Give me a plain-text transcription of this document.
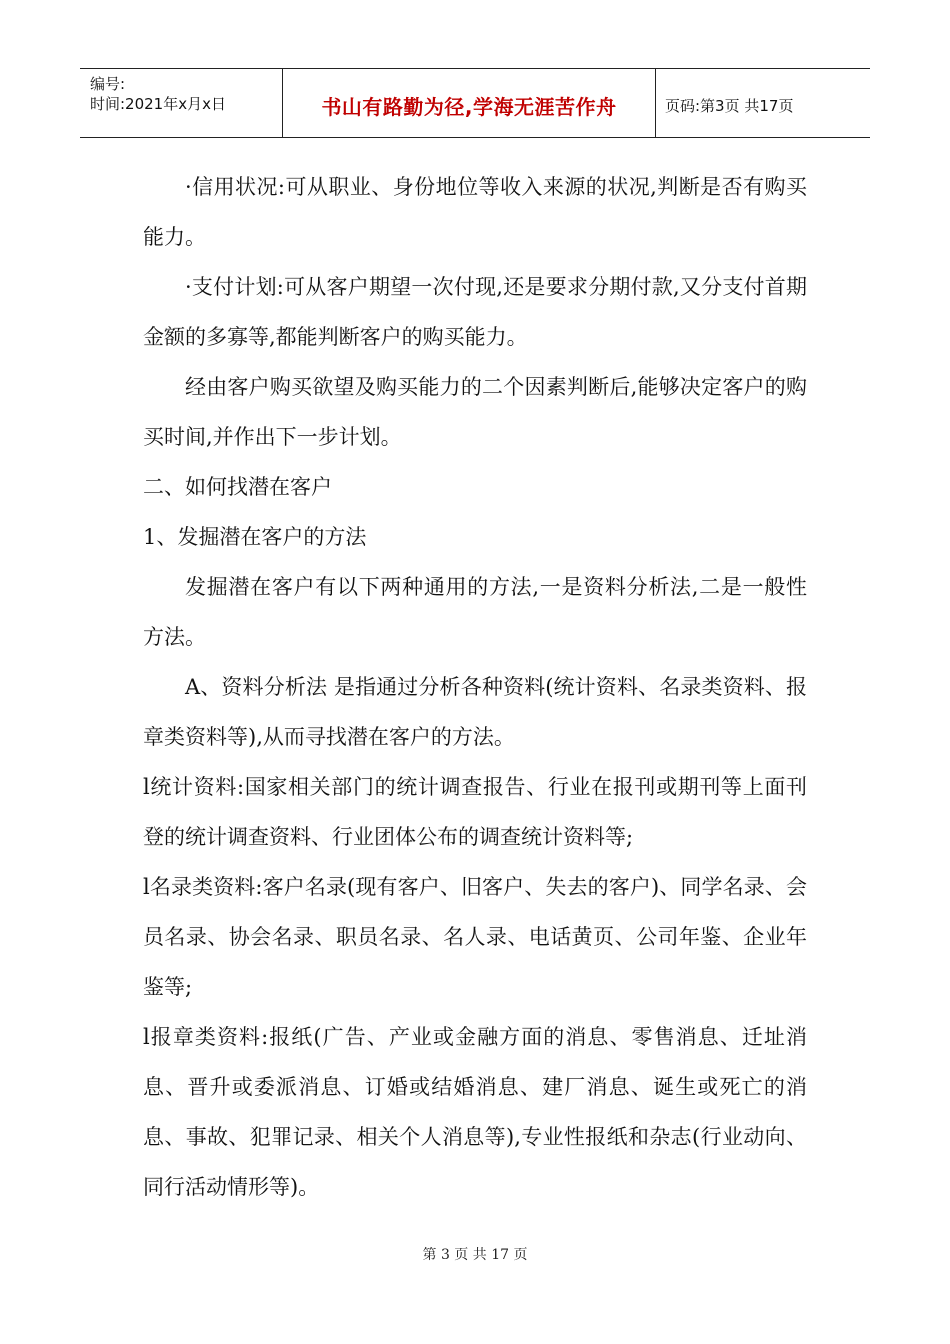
编号:
时间:2021年x月x日	书山有路勤为径,学海无涯苦作舟	页码:第3页 共17页

·信用状况:可从职业、身份地位等收入来源的状况,判断是否有购买能力。

·支付计划:可从客户期望一次付现,还是要求分期付款,又分支付首期金额的多寡等,都能判断客户的购买能力。

经由客户购买欲望及购买能力的二个因素判断后,能够决定客户的购买时间,并作出下一步计划。

二、如何找潜在客户

1、发掘潜在客户的方法

发掘潜在客户有以下两种通用的方法,一是资料分析法,二是一般性方法。

A、资料分析法 是指通过分析各种资料(统计资料、名录类资料、报章类资料等),从而寻找潜在客户的方法。

l统计资料:国家相关部门的统计调查报告、行业在报刊或期刊等上面刊登的统计调查资料、行业团体公布的调查统计资料等;

l名录类资料:客户名录(现有客户、旧客户、失去的客户)、同学名录、会员名录、协会名录、职员名录、名人录、电话黄页、公司年鉴、企业年鉴等;

l报章类资料:报纸(广告、产业或金融方面的消息、零售消息、迁址消息、晋升或委派消息、订婚或结婚消息、建厂消息、诞生或死亡的消息、事故、犯罪记录、相关个人消息等),专业性报纸和杂志(行业动向、同行活动情形等)。

第 3 页 共 17 页
